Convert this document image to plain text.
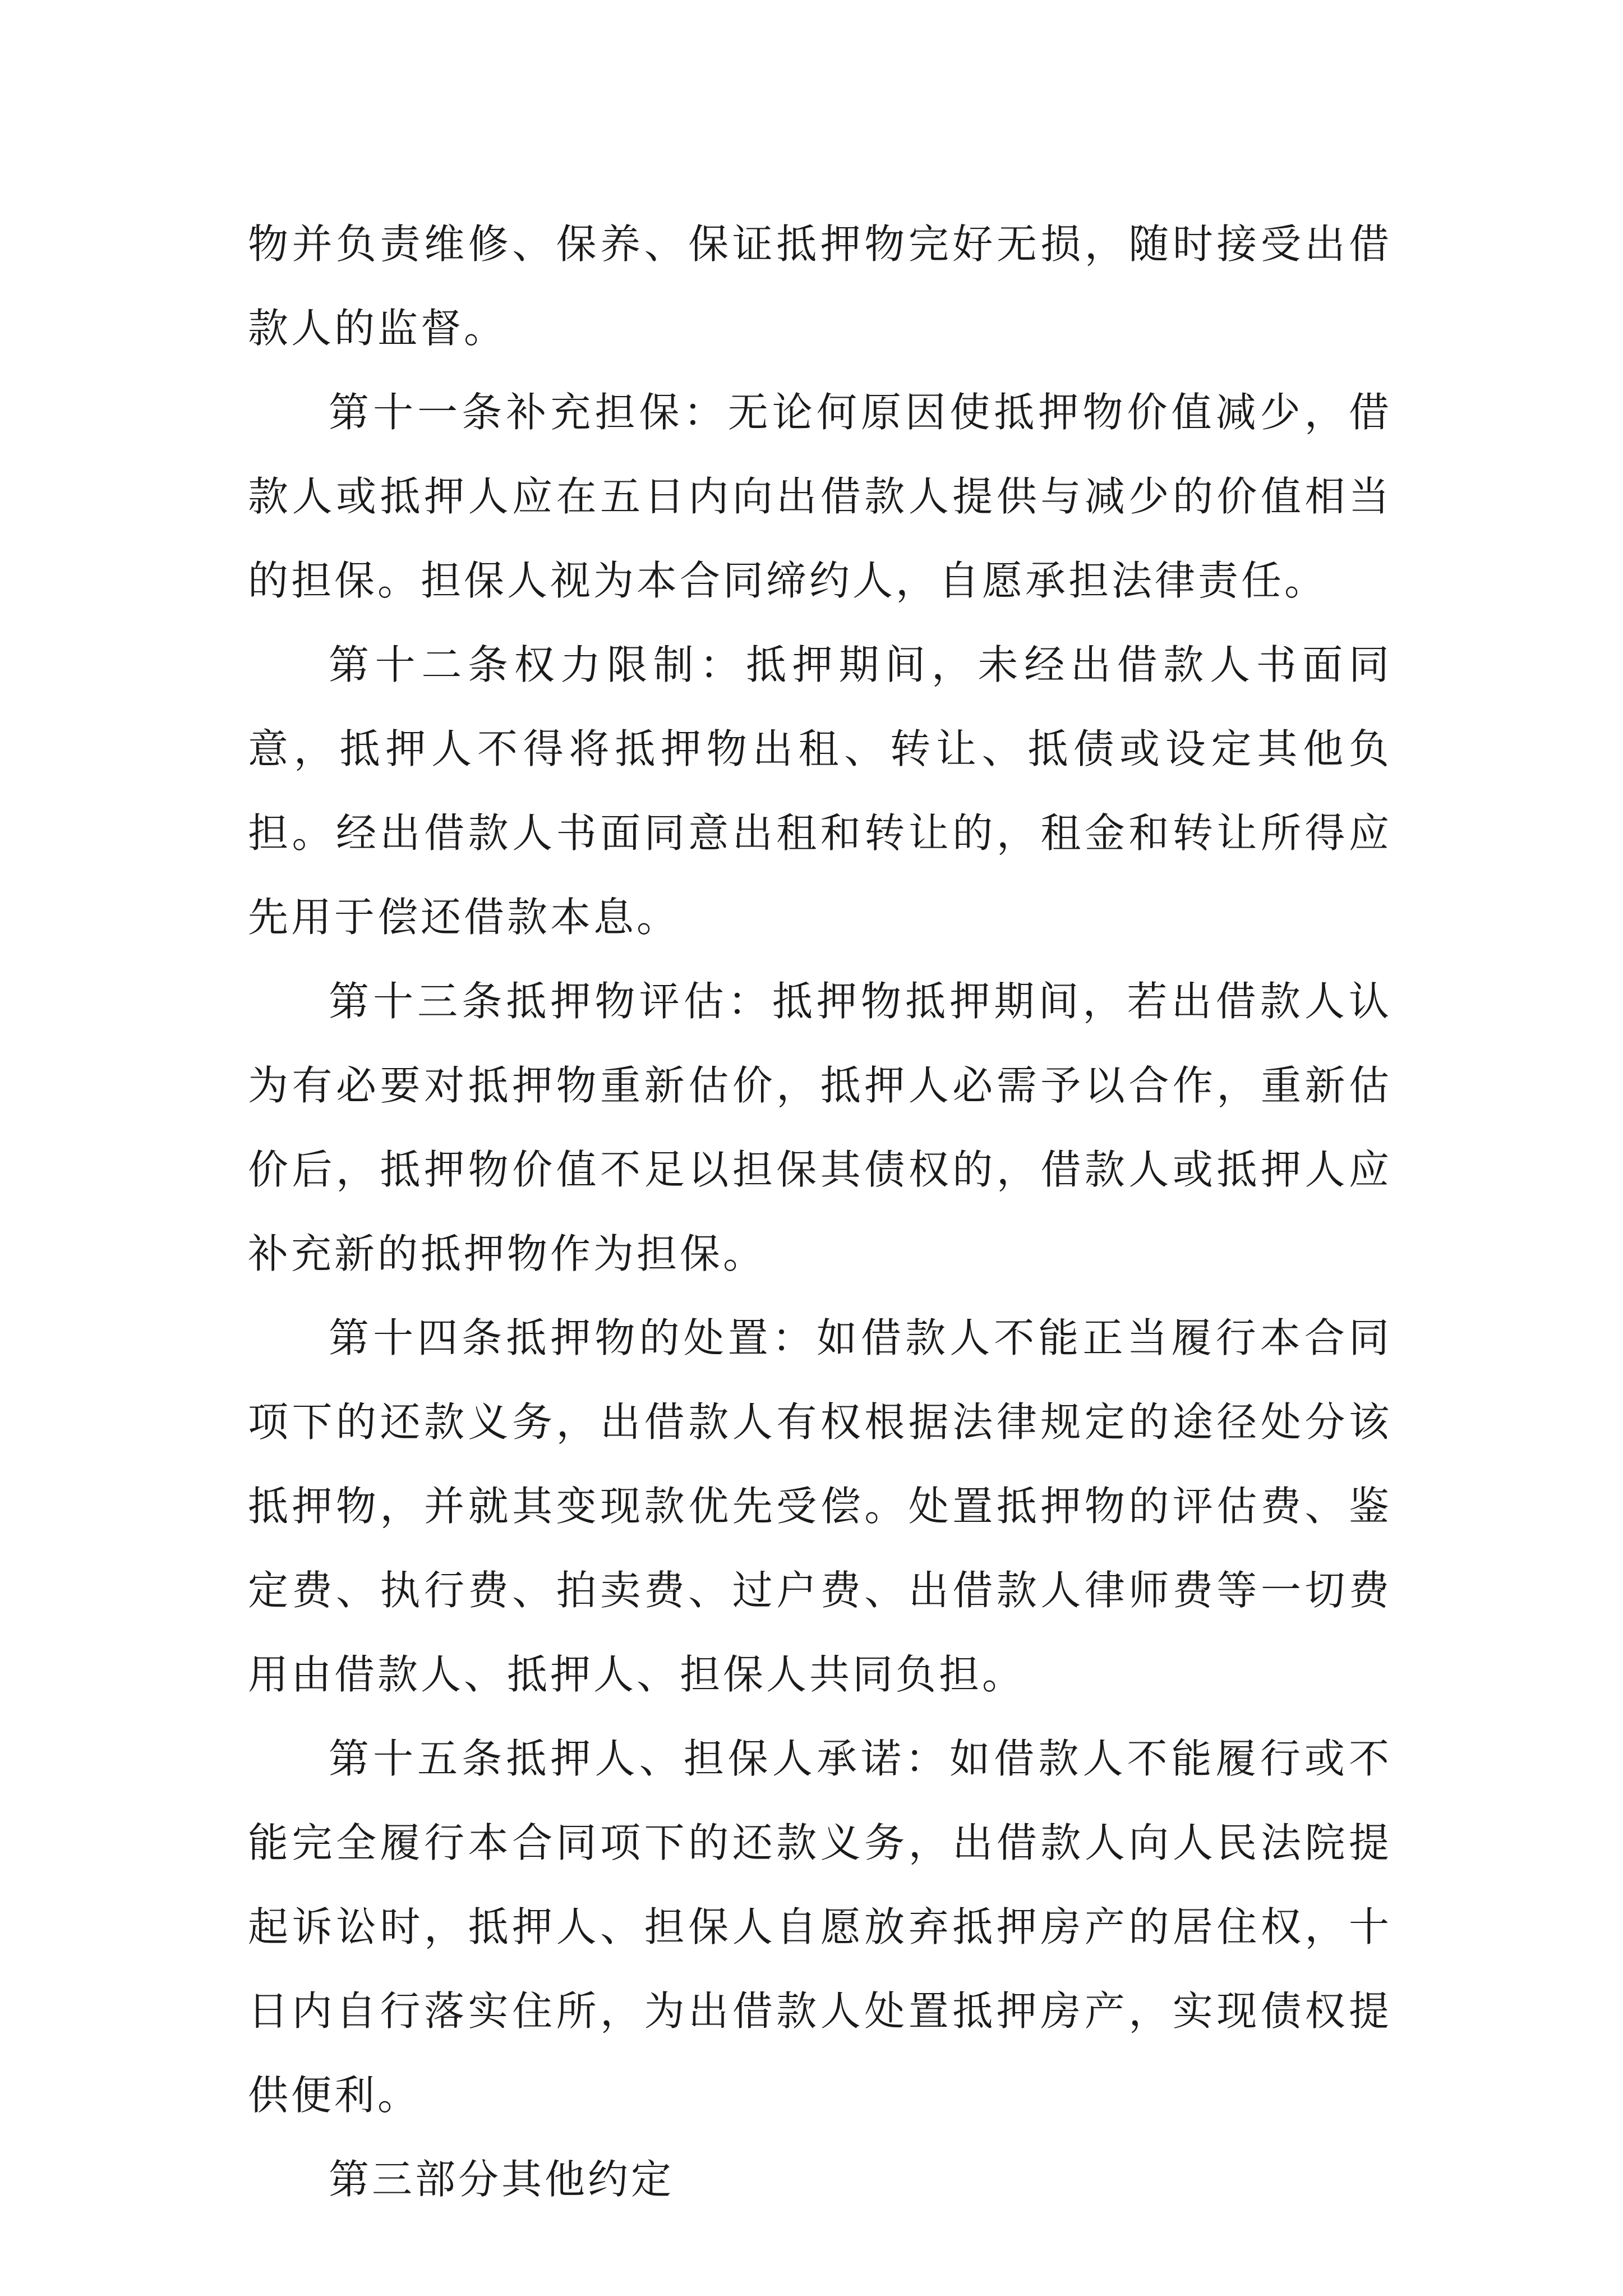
物并负责维修、保养、保证抵押物完好无损，随时接受出借款人的监督。

第十一条补充担保：无论何原因使抵押物价值减少，借款人或抵押人应在五日内向出借款人提供与减少的价值相当的担保。担保人视为本合同缔约人，自愿承担法律责任。

第十二条权力限制：抵押期间，未经出借款人书面同意，抵押人不得将抵押物出租、转让、抵债或设定其他负担。经出借款人书面同意出租和转让的，租金和转让所得应先用于偿还借款本息。

第十三条抵押物评估：抵押物抵押期间，若出借款人认为有必要对抵押物重新估价，抵押人必需予以合作，重新估价后，抵押物价值不足以担保其债权的，借款人或抵押人应补充新的抵押物作为担保。

第十四条抵押物的处置：如借款人不能正当履行本合同项下的还款义务，出借款人有权根据法律规定的途径处分该抵押物，并就其变现款优先受偿。处置抵押物的评估费、鉴定费、执行费、拍卖费、过户费、出借款人律师费等一切费用由借款人、抵押人、担保人共同负担。

第十五条抵押人、担保人承诺：如借款人不能履行或不能完全履行本合同项下的还款义务，出借款人向人民法院提起诉讼时，抵押人、担保人自愿放弃抵押房产的居住权，十日内自行落实住所，为出借款人处置抵押房产，实现债权提供便利。

第三部分其他约定
